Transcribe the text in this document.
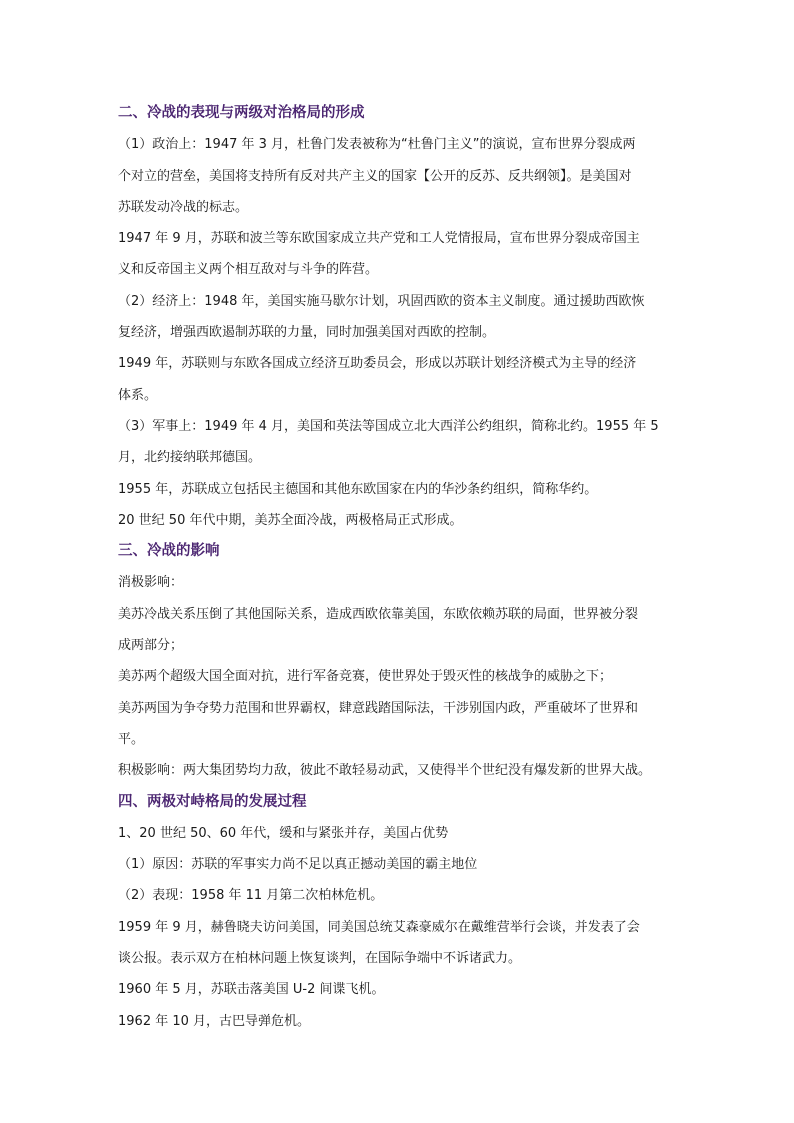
二、冷战的表现与两级对治格局的形成
（1）政治上：1947 年 3 月，杜鲁门发表被称为“杜鲁门主义”的演说，宣布世界分裂成两
个对立的营垒，美国将支持所有反对共产主义的国家【公开的反苏、反共纲领】。是美国对
苏联发动冷战的标志。
1947 年 9 月，苏联和波兰等东欧国家成立共产党和工人党情报局，宣布世界分裂成帝国主
义和反帝国主义两个相互敌对与斗争的阵营。
（2）经济上：1948 年，美国实施马歇尔计划，巩固西欧的资本主义制度。通过援助西欧恢
复经济，增强西欧遏制苏联的力量，同时加强美国对西欧的控制。
1949 年，苏联则与东欧各国成立经济互助委员会，形成以苏联计划经济模式为主导的经济
体系。
（3）军事上：1949 年 4 月，美国和英法等国成立北大西洋公约组织，简称北约。1955 年 5
月，北约接纳联邦德国。
1955 年，苏联成立包括民主德国和其他东欧国家在内的华沙条约组织，简称华约。
20 世纪 50 年代中期，美苏全面冷战，两极格局正式形成。
三、冷战的影响
消极影响：
美苏冷战关系压倒了其他国际关系，造成西欧依靠美国，东欧依赖苏联的局面，世界被分裂
成两部分；
美苏两个超级大国全面对抗，进行军备竞赛，使世界处于毁灭性的核战争的威胁之下；
美苏两国为争夺势力范围和世界霸权，肆意践踏国际法，干涉别国内政，严重破坏了世界和
平。
积极影响：两大集团势均力敌，彼此不敢轻易动武，又使得半个世纪没有爆发新的世界大战。
四、两极对峙格局的发展过程
1、20 世纪 50、60 年代，缓和与紧张并存，美国占优势
（1）原因：苏联的军事实力尚不足以真正撼动美国的霸主地位
（2）表现：1958 年 11 月第二次柏林危机。
1959 年 9 月，赫鲁晓夫访问美国，同美国总统艾森豪威尔在戴维营举行会谈，并发表了会
谈公报。表示双方在柏林问题上恢复谈判，在国际争端中不诉诸武力。
1960 年 5 月，苏联击落美国 U-2 间谍飞机。
1962 年 10 月，古巴导弹危机。
